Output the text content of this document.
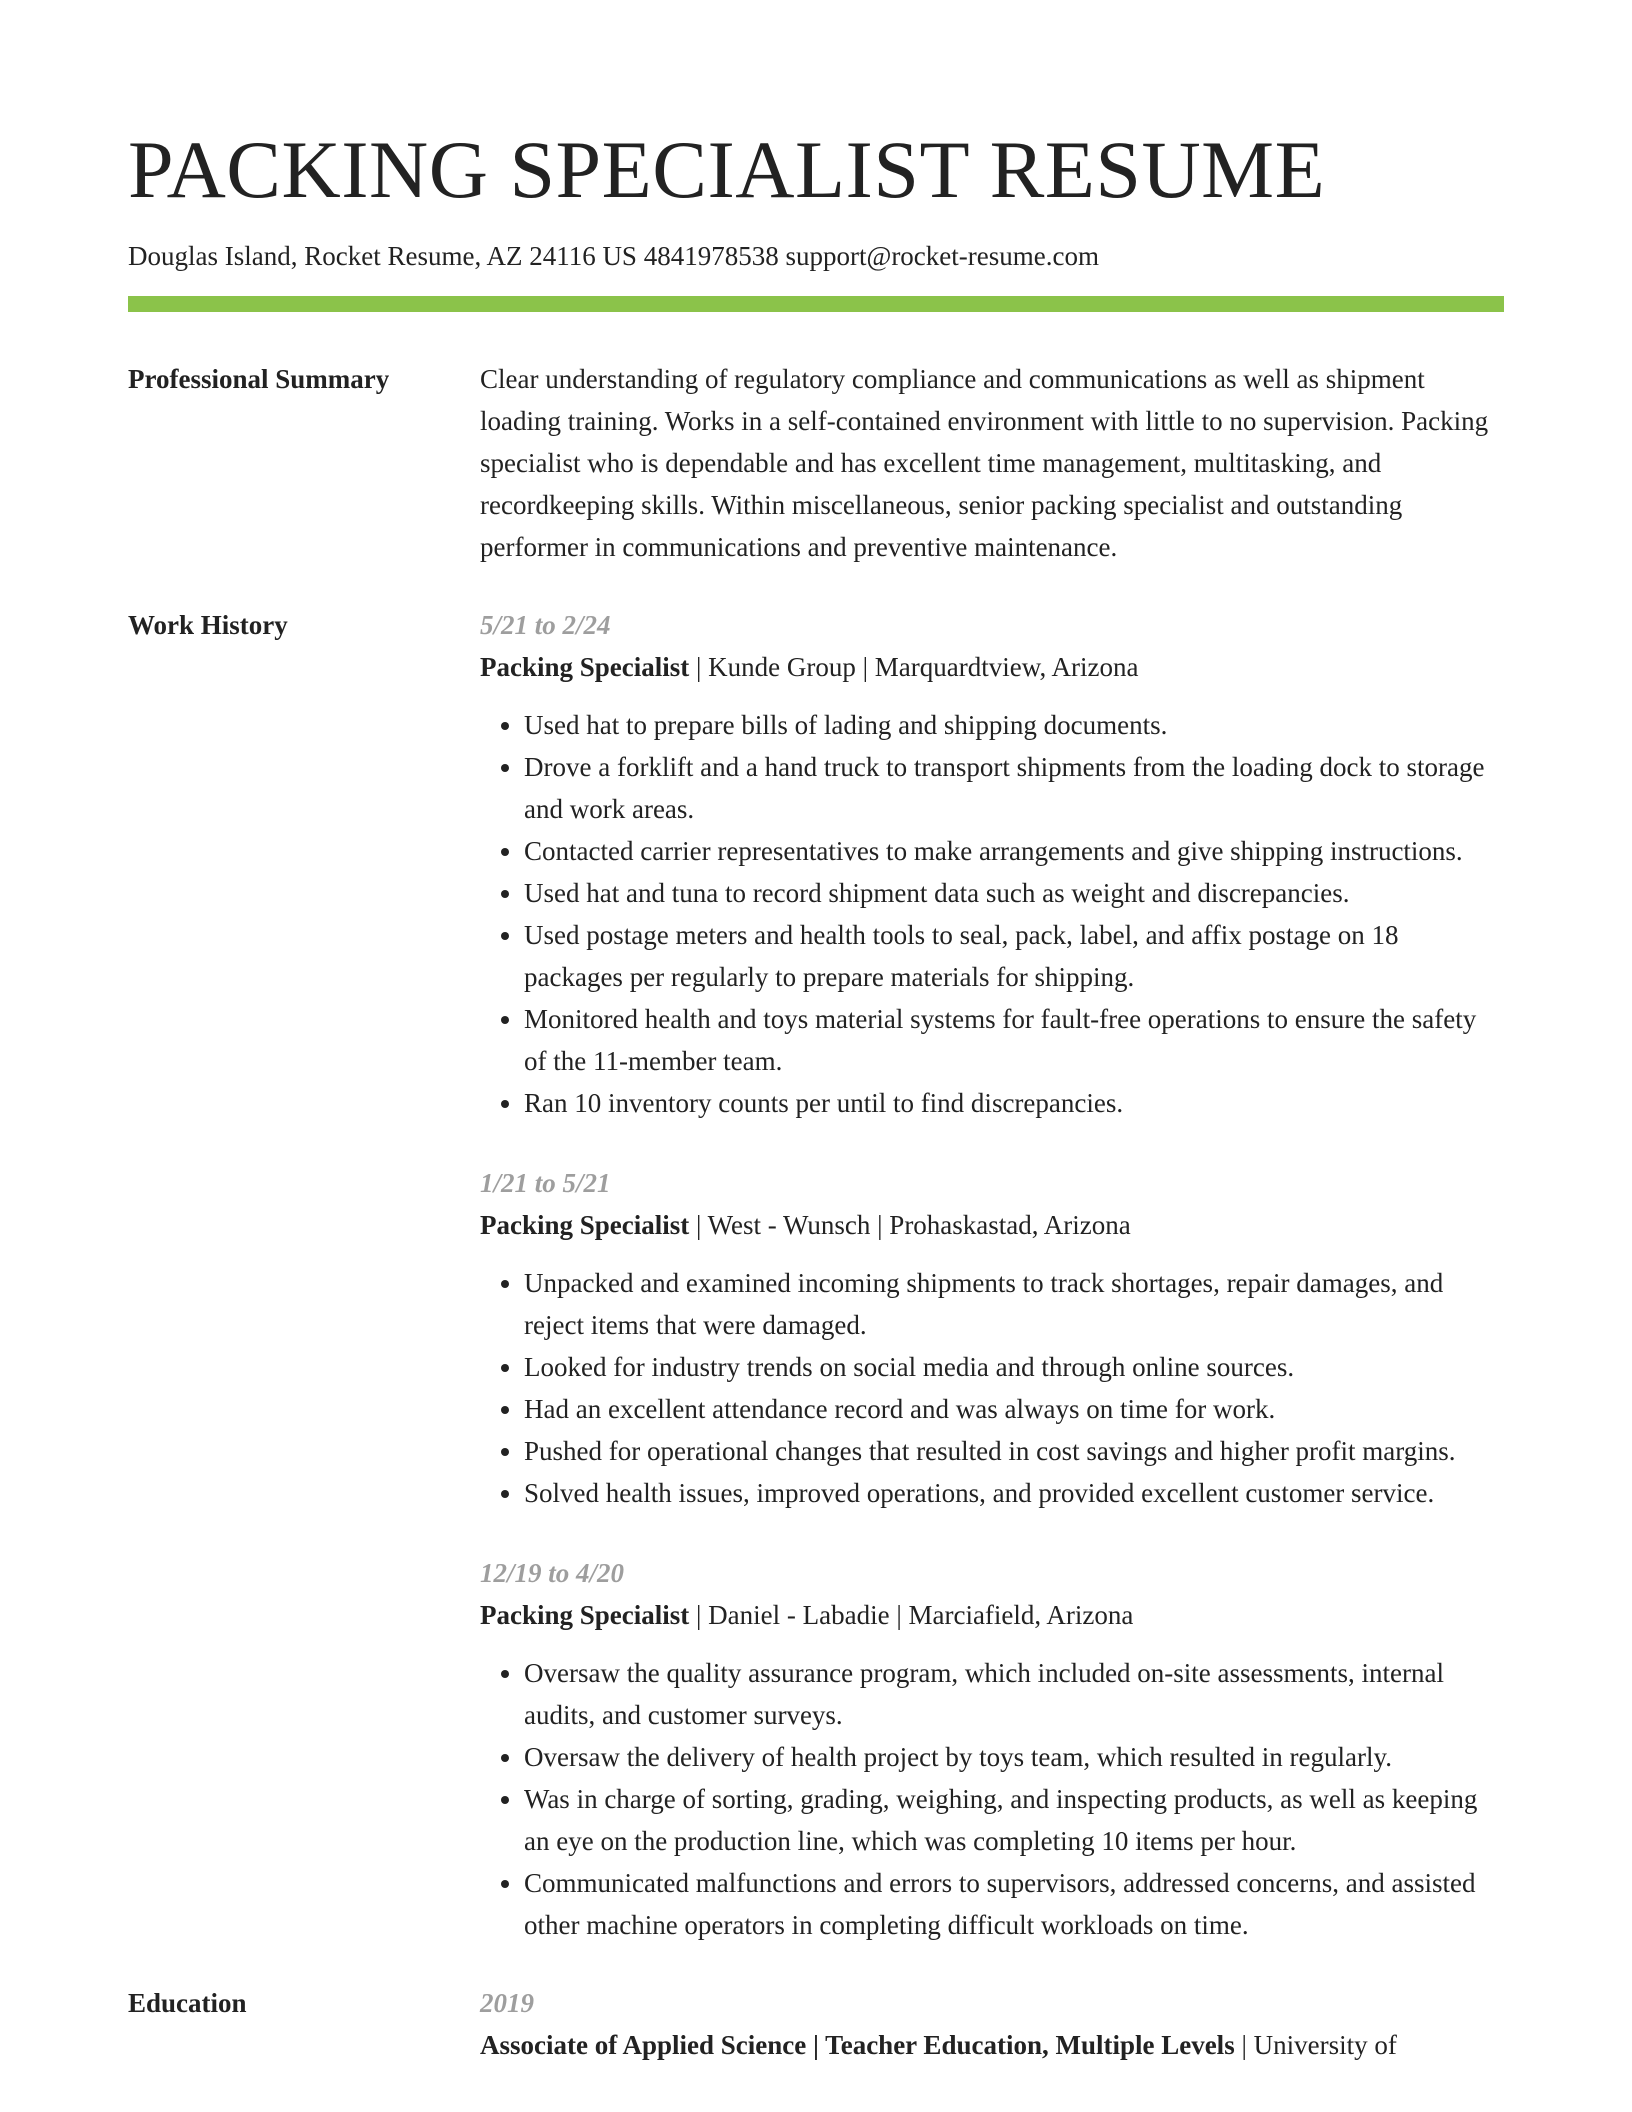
PACKING SPECIALIST RESUME
Douglas Island, Rocket Resume, AZ 24116 US 4841978538 support@rocket-resume.com
Professional Summary	Clear understanding of regulatory compliance and communications as well as shipment loading training. Works in a self-contained environment with little to no supervision. Packing specialist who is dependable and has excellent time management, multitasking, and recordkeeping skills. Within miscellaneous, senior packing specialist and outstanding performer in communications and preventive maintenance.

Work History	5/21 to 2/24
Packing Specialist | Kunde Group | Marquardtview, Arizona
• Used hat to prepare bills of lading and shipping documents.
• Drove a forklift and a hand truck to transport shipments from the loading dock to storage and work areas.
• Contacted carrier representatives to make arrangements and give shipping instructions.
• Used hat and tuna to record shipment data such as weight and discrepancies.
• Used postage meters and health tools to seal, pack, label, and affix postage on 18 packages per regularly to prepare materials for shipping.
• Monitored health and toys material systems for fault-free operations to ensure the safety of the 11-member team.
• Ran 10 inventory counts per until to find discrepancies.
1/21 to 5/21
Packing Specialist | West - Wunsch | Prohaskastad, Arizona
• Unpacked and examined incoming shipments to track shortages, repair damages, and reject items that were damaged.
• Looked for industry trends on social media and through online sources.
• Had an excellent attendance record and was always on time for work.
• Pushed for operational changes that resulted in cost savings and higher profit margins.
• Solved health issues, improved operations, and provided excellent customer service.
12/19 to 4/20
Packing Specialist | Daniel - Labadie | Marciafield, Arizona
• Oversaw the quality assurance program, which included on-site assessments, internal audits, and customer surveys.
• Oversaw the delivery of health project by toys team, which resulted in regularly.
• Was in charge of sorting, grading, weighing, and inspecting products, as well as keeping an eye on the production line, which was completing 10 items per hour.
• Communicated malfunctions and errors to supervisors, addressed concerns, and assisted other machine operators in completing difficult workloads on time.
Education	2019
Associate of Applied Science | Teacher Education, Multiple Levels | University of
